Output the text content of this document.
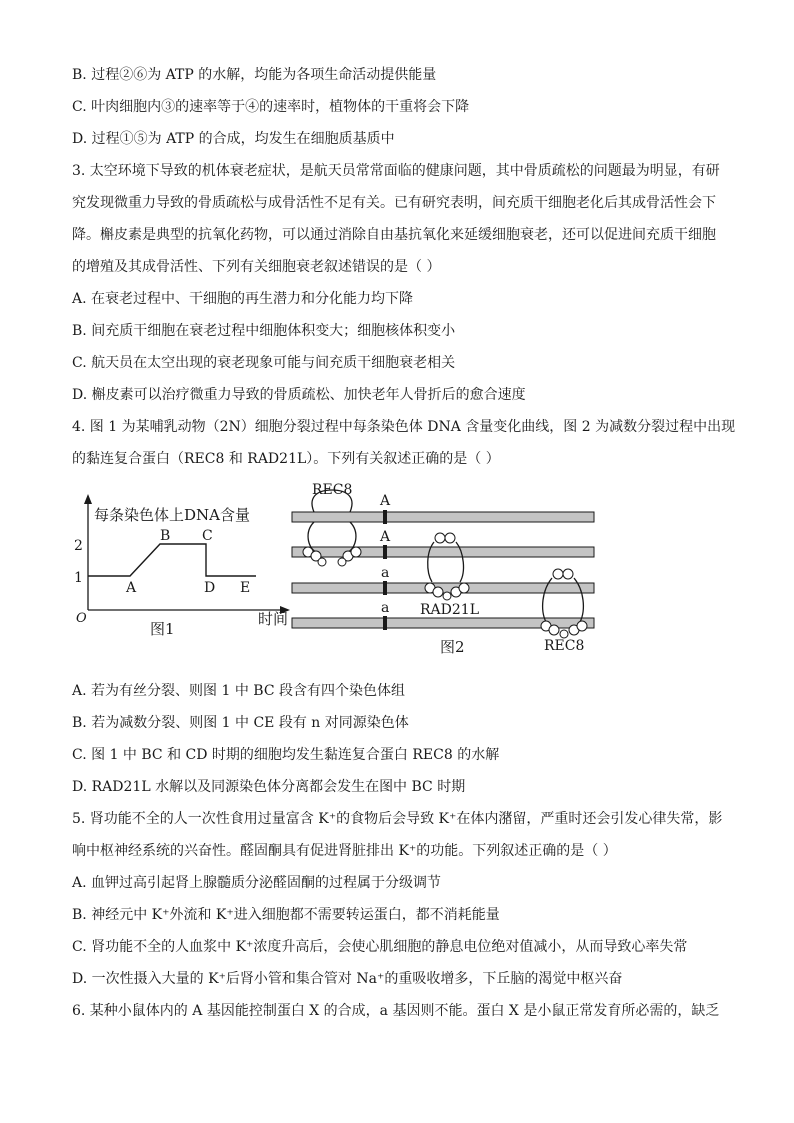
B. 过程②⑥为 ATP 的水解，均能为各项生命活动提供能量
C. 叶肉细胞内③的速率等于④的速率时，植物体的干重将会下降
D. 过程①⑤为 ATP 的合成，均发生在细胞质基质中
3. 太空环境下导致的机体衰老症状，是航天员常常面临的健康问题，其中骨质疏松的问题最为明显，有研
究发现微重力导致的骨质疏松与成骨活性不足有关。已有研究表明，间充质干细胞老化后其成骨活性会下
降。槲皮素是典型的抗氧化药物，可以通过消除自由基抗氧化来延缓细胞衰老，还可以促进间充质干细胞
的增殖及其成骨活性、下列有关细胞衰老叙述错误的是（ ）
A. 在衰老过程中、干细胞的再生潜力和分化能力均下降
B. 间充质干细胞在衰老过程中细胞体积变大；细胞核体积变小
C. 航天员在太空出现的衰老现象可能与间充质干细胞衰老相关
D. 槲皮素可以治疗微重力导致的骨质疏松、加快老年人骨折后的愈合速度
4. 图 1 为某哺乳动物（2N）细胞分裂过程中每条染色体 DNA 含量变化曲线，图 2 为减数分裂过程中出现
的黏连复合蛋白（REC8 和 RAD21L）。下列有关叙述正确的是（ ）
每条染色体上DNA含量
2
1
O
A
B C
D E
图1
时间
A
A
a
a
REC8
RAD21L
REC8
图2
A. 若为有丝分裂、则图 1 中 BC 段含有四个染色体组
B. 若为减数分裂、则图 1 中 CE 段有 n 对同源染色体
C. 图 1 中 BC 和 CD 时期的细胞均发生黏连复合蛋白 REC8 的水解
D. RAD21L 水解以及同源染色体分离都会发生在图中 BC 时期
5. 肾功能不全的人一次性食用过量富含 K⁺的食物后会导致 K⁺在体内潴留，严重时还会引发心律失常，影
响中枢神经系统的兴奋性。醛固酮具有促进肾脏排出 K⁺的功能。下列叙述正确的是（ ）
A. 血钾过高引起肾上腺髓质分泌醛固酮的过程属于分级调节
B. 神经元中 K⁺外流和 K⁺进入细胞都不需要转运蛋白，都不消耗能量
C. 肾功能不全的人血浆中 K⁺浓度升高后，会使心肌细胞的静息电位绝对值减小，从而导致心率失常
D. 一次性摄入大量的 K⁺后肾小管和集合管对 Na⁺的重吸收增多，下丘脑的渴觉中枢兴奋
6. 某种小鼠体内的 A 基因能控制蛋白 X 的合成，a 基因则不能。蛋白 X 是小鼠正常发育所必需的，缺乏
